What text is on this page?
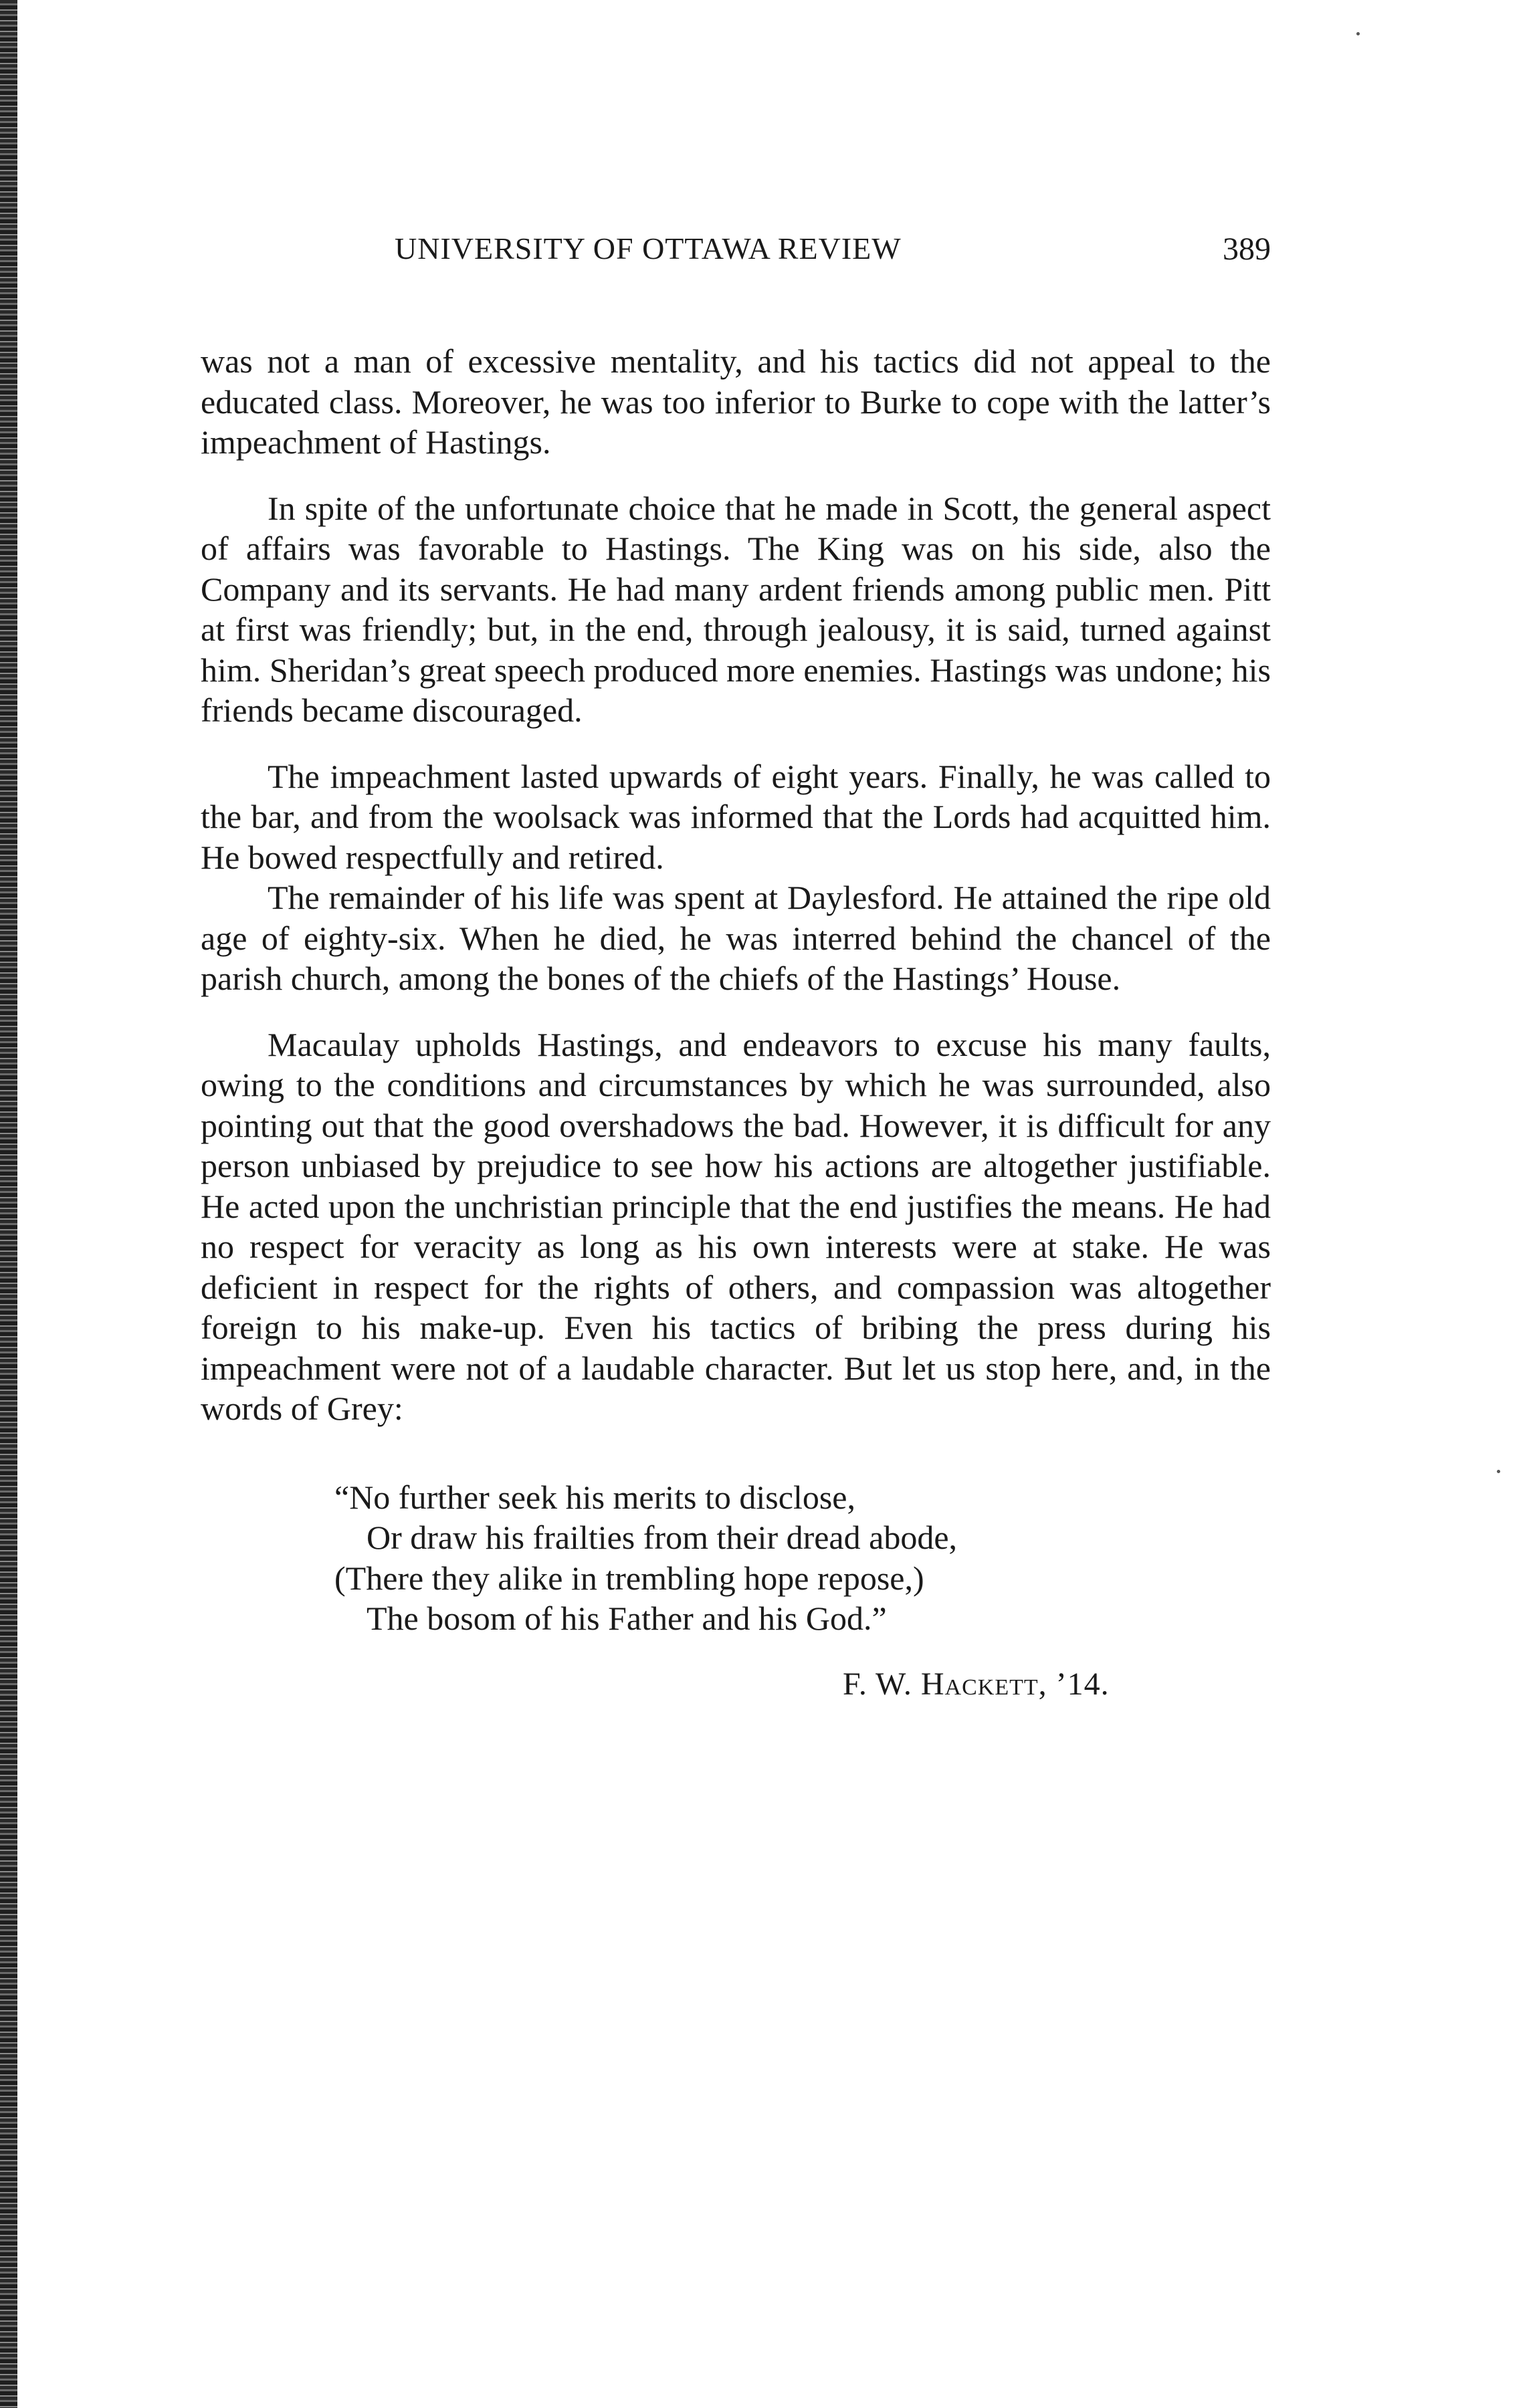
UNIVERSITY OF OTTAWA REVIEW	389

was not a man of excessive mentality, and his tactics did not appeal to the educated class. Moreover, he was too inferior to Burke to cope with the latter’s impeachment of Hastings.

In spite of the unfortunate choice that he made in Scott, the general aspect of affairs was favorable to Hastings. The King was on his side, also the Company and its servants. He had many ardent friends among public men. Pitt at first was friendly; but, in the end, through jealousy, it is said, turned against him. Sheridan’s great speech produced more enemies. Hastings was undone; his friends became discouraged.

The impeachment lasted upwards of eight years. Finally, he was called to the bar, and from the woolsack was informed that the Lords had acquitted him. He bowed respectfully and retired.

The remainder of his life was spent at Daylesford. He attained the ripe old age of eighty-six. When he died, he was interred behind the chancel of the parish church, among the bones of the chiefs of the Hastings’ House.

Macaulay upholds Hastings, and endeavors to excuse his many faults, owing to the conditions and circumstances by which he was surrounded, also pointing out that the good overshadows the bad. However, it is difficult for any person unbiased by prejudice to see how his actions are altogether justifiable. He acted upon the unchristian principle that the end justifies the means. He had no respect for veracity as long as his own interests were at stake. He was deficient in respect for the rights of others, and compassion was altogether foreign to his make-up. Even his tactics of bribing the press during his impeachment were not of a laudable character. But let us stop here, and, in the words of Grey:

“No further seek his merits to disclose,
Or draw his frailties from their dread abode,
(There they alike in trembling hope repose,)
The bosom of his Father and his God.”
F. W. Hackett, ’14.
